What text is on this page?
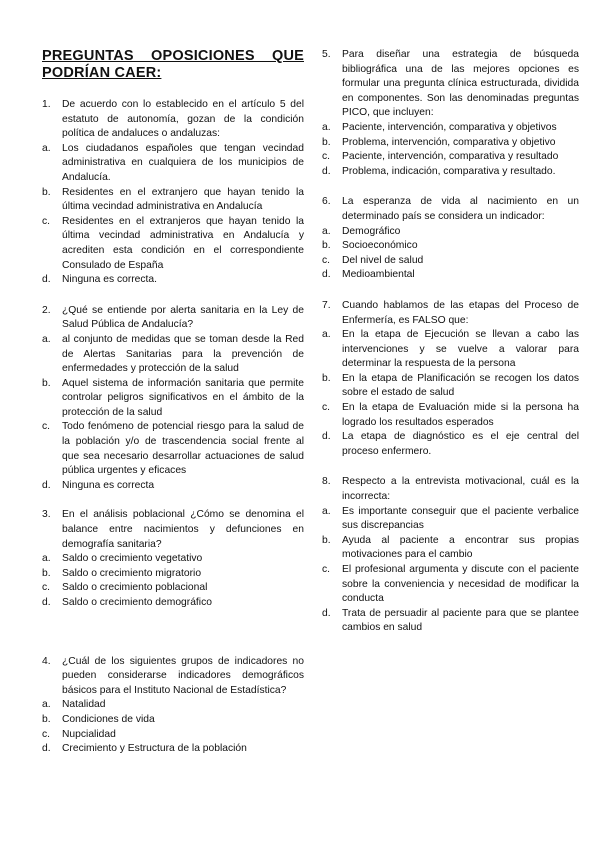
PREGUNTAS OPOSICIONES QUE PODRÍAN CAER:
1.	De acuerdo con lo establecido en el artículo 5 del estatuto de autonomía, gozan de la condición política de andaluces o andaluzas:
a.	Los ciudadanos españoles que tengan vecindad administrativa en cualquiera de los municipios de Andalucía.
b.	Residentes en el extranjero que hayan tenido la última vecindad administrativa en Andalucía
c.	Residentes en el extranjeros que hayan tenido la última vecindad administrativa en Andalucía y acrediten esta condición en el correspondiente Consulado de España
d.	Ninguna es correcta.
2.	¿Qué se entiende por alerta sanitaria en la Ley de Salud Pública de Andalucía?
a.	al conjunto de medidas que se toman desde la Red de Alertas Sanitarias para la prevención de enfermedades y protección de la salud
b.	Aquel sistema de información sanitaria que permite controlar peligros significativos en el ámbito de la protección de la salud
c.	Todo fenómeno de potencial riesgo para la salud de la población y/o de trascendencia social frente al que sea necesario desarrollar actuaciones de salud pública urgentes y eficaces
d.	Ninguna es correcta
3.	En el análisis poblacional ¿Cómo se denomina el balance entre nacimientos y defunciones en demografía sanitaria?
a.	Saldo o crecimiento vegetativo
b.	Saldo o crecimiento migratorio
c.	Saldo o crecimiento poblacional
d.	Saldo o crecimiento demográfico
4.	¿Cuál de los siguientes grupos de indicadores no pueden considerarse indicadores demográficos básicos para el Instituto Nacional de Estadística?
a.	Natalidad
b.	Condiciones de vida
c.	Nupcialidad
d.	Crecimiento y Estructura de la población
5.	Para diseñar una estrategia de búsqueda bibliográfica una de las mejores opciones es formular una pregunta clínica estructurada, dividida en componentes. Son las denominadas preguntas PICO, que incluyen:
a.	Paciente, intervención, comparativa y objetivos
b.	Problema, intervención, comparativa y objetivo
c.	Paciente, intervención, comparativa y resultado
d.	Problema, indicación, comparativa y resultado.
6.	La esperanza de vida al nacimiento en un determinado país se considera un indicador:
a.	Demográfico
b.	Socioeconómico
c.	Del nivel de salud
d.	Medioambiental
7.	Cuando hablamos de las etapas del Proceso de Enfermería, es FALSO que:
a.	En la etapa de Ejecución se llevan a cabo las intervenciones y se vuelve a valorar para determinar la respuesta de la persona
b.	En la etapa de Planificación se recogen los datos sobre el estado de salud
c.	En la etapa de Evaluación mide si la persona ha logrado los resultados esperados
d.	La etapa de diagnóstico es el eje central del proceso enfermero.
8.	Respecto a la entrevista motivacional, cuál es la incorrecta:
a.	Es importante conseguir que el paciente verbalice sus discrepancias
b.	Ayuda al paciente a encontrar sus propias motivaciones para el cambio
c.	El profesional argumenta y discute con el paciente sobre la conveniencia y necesidad de modificar la conducta
d.	Trata de persuadir al paciente para que se plantee cambios en salud
